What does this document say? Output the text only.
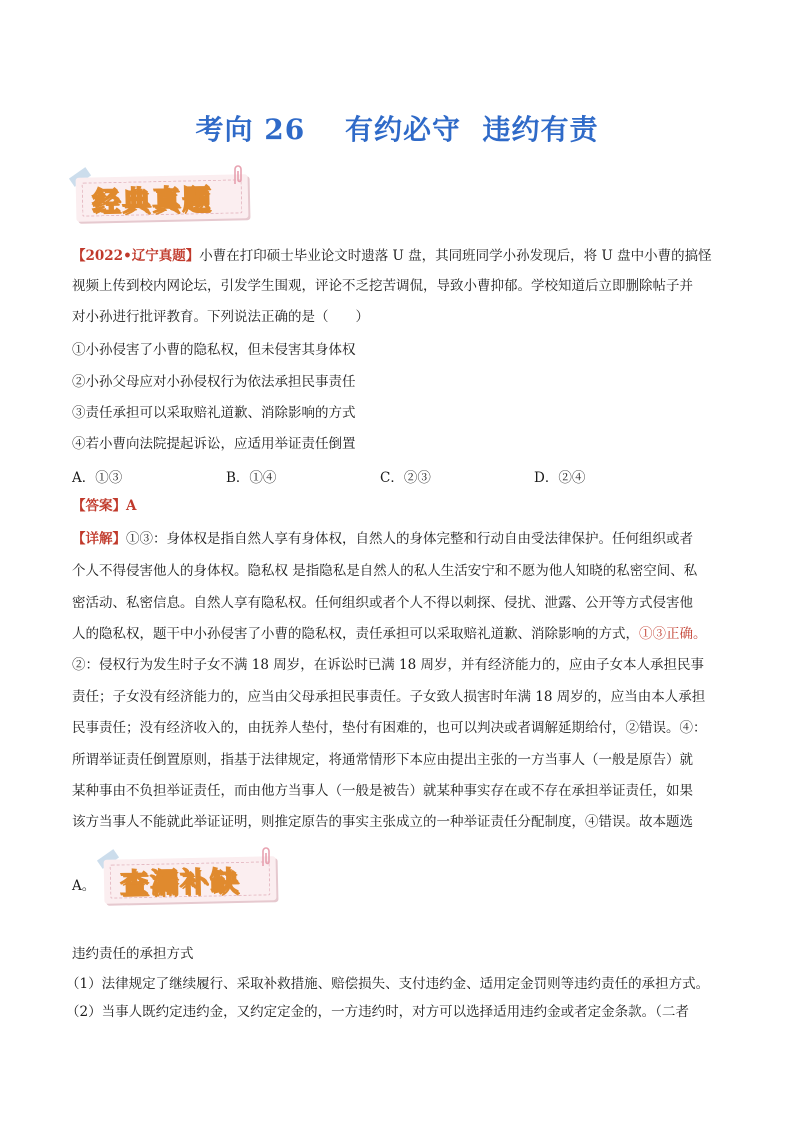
考向 26　 有约必守  违约有责
经典真题
【2022•辽宁真题】小曹在打印硕士毕业论文时遗落 U 盘，其同班同学小孙发现后，将 U 盘中小曹的搞怪
视频上传到校内网论坛，引发学生围观，评论不乏挖苦调侃，导致小曹抑郁。学校知道后立即删除帖子并
对小孙进行批评教育。下列说法正确的是（　　）
①小孙侵害了小曹的隐私权，但未侵害其身体权
②小孙父母应对小孙侵权行为依法承担民事责任
③责任承担可以采取赔礼道歉、消除影响的方式
④若小曹向法院提起诉讼，应适用举证责任倒置
A．①③	B．①④	C．②③	D．②④
【答案】A
【详解】①③：身体权是指自然人享有身体权，自然人的身体完整和行动自由受法律保护。任何组织或者
个人不得侵害他人的身体权。隐私权 是指隐私是自然人的私人生活安宁和不愿为他人知晓的私密空间、私
密活动、私密信息。自然人享有隐私权。任何组织或者个人不得以刺探、侵扰、泄露、公开等方式侵害他
人的隐私权，题干中小孙侵害了小曹的隐私权，责任承担可以采取赔礼道歉、消除影响的方式，①③正确。
②：侵权行为发生时子女不满 18 周岁，在诉讼时已满 18 周岁，并有经济能力的，应由子女本人承担民事
责任；子女没有经济能力的，应当由父母承担民事责任。子女致人损害时年满 18 周岁的，应当由本人承担
民事责任；没有经济收入的，由抚养人垫付，垫付有困难的，也可以判决或者调解延期给付，②错误。④：
所谓举证责任倒置原则，指基于法律规定，将通常情形下本应由提出主张的一方当事人（一般是原告）就
某种事由不负担举证责任，而由他方当事人（一般是被告）就某种事实存在或不存在承担举证责任，如果
该方当事人不能就此举证证明，则推定原告的事实主张成立的一种举证责任分配制度，④错误。故本题选
A。 查漏补缺
违约责任的承担方式
（1）法律规定了继续履行、采取补救措施、赔偿损失、支付违约金、适用定金罚则等违约责任的承担方式。
（2）当事人既约定违约金，又约定定金的，一方违约时，对方可以选择适用违约金或者定金条款。（二者
